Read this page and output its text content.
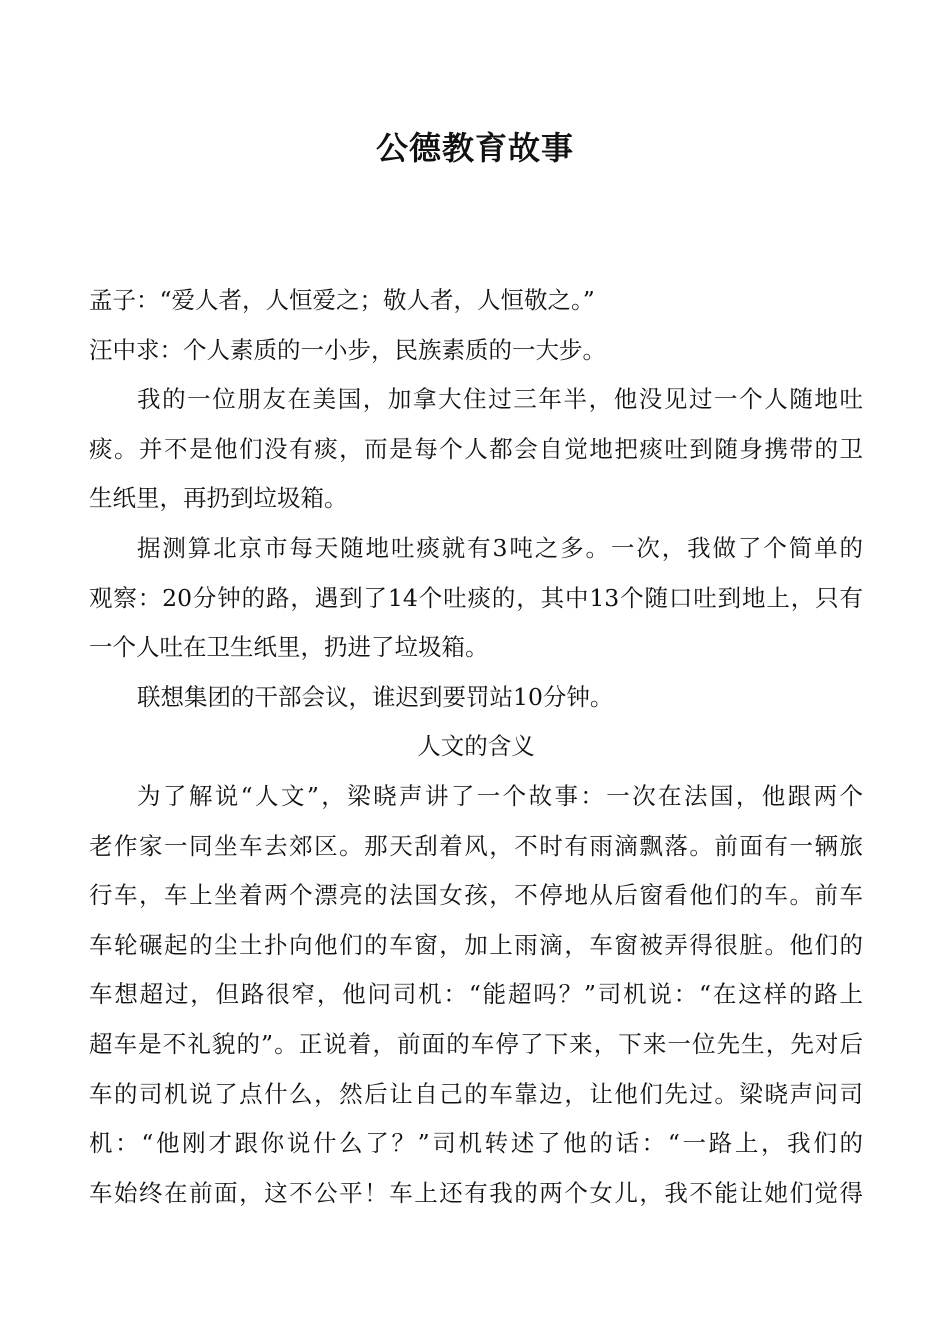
公德教育故事
孟子：“爱人者，人恒爱之；敬人者，人恒敬之。”
汪中求：个人素质的一小步，民族素质的一大步。
我的一位朋友在美国，加拿大住过三年半，他没见过一个人随地吐
痰。并不是他们没有痰，而是每个人都会自觉地把痰吐到随身携带的卫
生纸里，再扔到垃圾箱。
据测算北京市每天随地吐痰就有3吨之多。一次，我做了个简单的
观察：20分钟的路，遇到了14个吐痰的，其中13个随口吐到地上，只有
一个人吐在卫生纸里，扔进了垃圾箱。
联想集团的干部会议，谁迟到要罚站10分钟。
人文的含义
为了解说“人文”，梁晓声讲了一个故事：一次在法国，他跟两个
老作家一同坐车去郊区。那天刮着风，不时有雨滴飘落。前面有一辆旅
行车，车上坐着两个漂亮的法国女孩，不停地从后窗看他们的车。前车
车轮碾起的尘土扑向他们的车窗，加上雨滴，车窗被弄得很脏。他们的
车想超过，但路很窄，他问司机：“能超吗？”司机说：“在这样的路上
超车是不礼貌的”。正说着，前面的车停了下来，下来一位先生，先对后
车的司机说了点什么，然后让自己的车靠边，让他们先过。梁晓声问司
机：“他刚才跟你说什么了？”司机转述了他的话：“一路上，我们的
车始终在前面，这不公平！车上还有我的两个女儿，我不能让她们觉得
